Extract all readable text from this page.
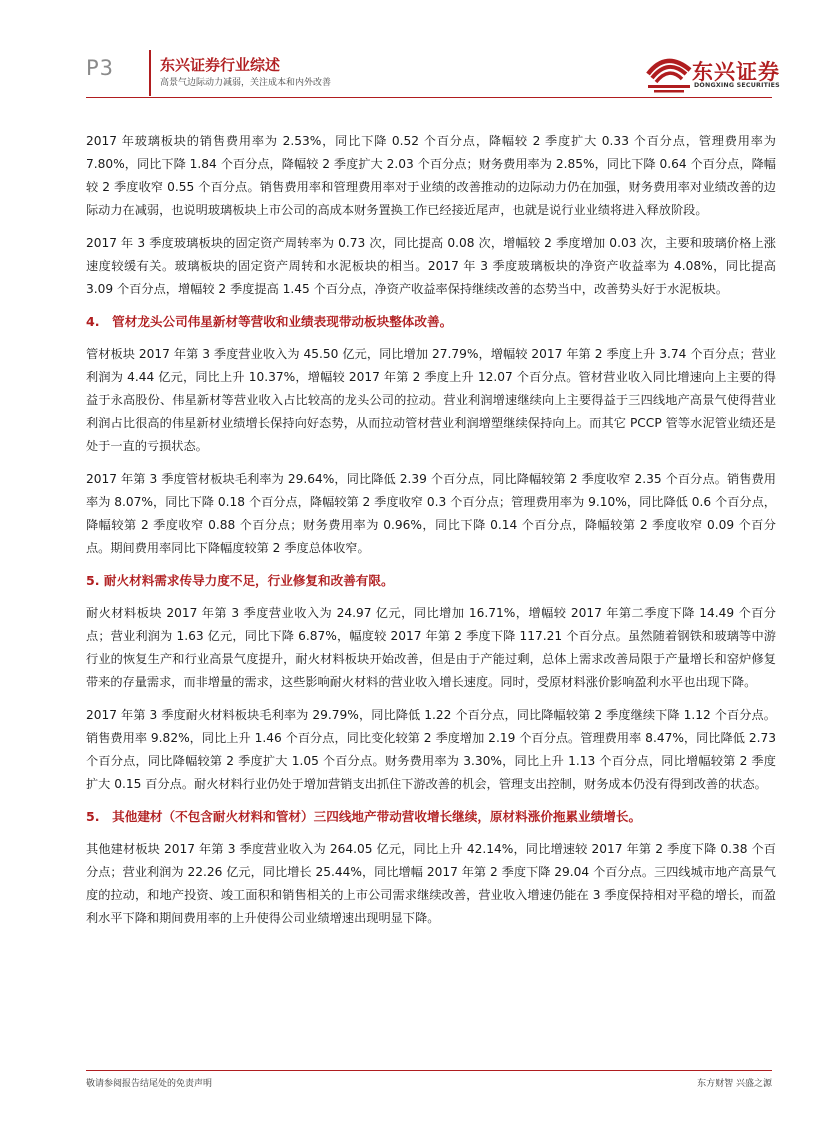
P3	东兴证券行业综述
高景气边际动力减弱，关注成本和内外改善	东兴证券
DONGXING SECURITIES

2017 年玻璃板块的销售费用率为 2.53%，同比下降 0.52 个百分点，降幅较 2 季度扩大 0.33 个百分点，管理费用率为 7.80%，同比下降 1.84 个百分点，降幅较 2 季度扩大 2.03 个百分点；财务费用率为 2.85%，同比下降 0.64 个百分点，降幅较 2 季度收窄 0.55 个百分点。销售费用率和管理费用率对于业绩的改善推动的边际动力仍在加强，财务费用率对业绩改善的边际动力在减弱，也说明玻璃板块上市公司的高成本财务置换工作已经接近尾声，也就是说行业业绩将进入释放阶段。

2017 年 3 季度玻璃板块的固定资产周转率为 0.73 次，同比提高 0.08 次，增幅较 2 季度增加 0.03 次，主要和玻璃价格上涨速度较缓有关。玻璃板块的固定资产周转和水泥板块的相当。2017 年 3 季度玻璃板块的净资产收益率为 4.08%，同比提高 3.09 个百分点，增幅较 2 季度提高 1.45 个百分点，净资产收益率保持继续改善的态势当中，改善势头好于水泥板块。

4.　管材龙头公司伟星新材等营收和业绩表现带动板块整体改善。

管材板块 2017 年第 3 季度营业收入为 45.50 亿元，同比增加 27.79%，增幅较 2017 年第 2 季度上升 3.74 个百分点；营业利润为 4.44 亿元，同比上升 10.37%，增幅较 2017 年第 2 季度上升 12.07 个百分点。管材营业收入同比增速向上主要的得益于永高股份、伟星新材等营业收入占比较高的龙头公司的拉动。营业利润增速继续向上主要得益于三四线地产高景气使得营业利润占比很高的伟星新材业绩增长保持向好态势，从而拉动管材营业利润增塑继续保持向上。而其它 PCCP 管等水泥管业绩还是处于一直的亏损状态。

2017 年第 3 季度管材板块毛利率为 29.64%，同比降低 2.39 个百分点，同比降幅较第 2 季度收窄 2.35 个百分点。销售费用率为 8.07%，同比下降 0.18 个百分点，降幅较第 2 季度收窄 0.3 个百分点；管理费用率为 9.10%，同比降低 0.6 个百分点，降幅较第 2 季度收窄 0.88 个百分点；财务费用率为 0.96%，同比下降 0.14 个百分点，降幅较第 2 季度收窄 0.09 个百分点。期间费用率同比下降幅度较第 2 季度总体收窄。

5. 耐火材料需求传导力度不足，行业修复和改善有限。

耐火材料板块 2017 年第 3 季度营业收入为 24.97 亿元，同比增加 16.71%，增幅较 2017 年第二季度下降 14.49 个百分点；营业利润为 1.63 亿元，同比下降 6.87%，幅度较 2017 年第 2 季度下降 117.21 个百分点。虽然随着钢铁和玻璃等中游行业的恢复生产和行业高景气度提升，耐火材料板块开始改善，但是由于产能过剩，总体上需求改善局限于产量增长和窑炉修复带来的存量需求，而非增量的需求，这些影响耐火材料的营业收入增长速度。同时，受原材料涨价影响盈利水平也出现下降。

2017 年第 3 季度耐火材料板块毛利率为 29.79%，同比降低 1.22 个百分点，同比降幅较第 2 季度继续下降 1.12 个百分点。销售费用率 9.82%，同比上升 1.46 个百分点，同比变化较第 2 季度增加 2.19 个百分点。管理费用率 8.47%，同比降低 2.73 个百分点，同比降幅较第 2 季度扩大 1.05 个百分点。财务费用率为 3.30%，同比上升 1.13 个百分点，同比增幅较第 2 季度扩大 0.15 百分点。耐火材料行业仍处于增加营销支出抓住下游改善的机会，管理支出控制，财务成本仍没有得到改善的状态。

5.　其他建材（不包含耐火材料和管材）三四线地产带动营收增长继续，原材料涨价拖累业绩增长。

其他建材板块 2017 年第 3 季度营业收入为 264.05 亿元，同比上升 42.14%，同比增速较 2017 年第 2 季度下降 0.38 个百分点；营业利润为 22.26 亿元，同比增长 25.44%，同比增幅 2017 年第 2 季度下降 29.04 个百分点。三四线城市地产高景气度的拉动，和地产投资、竣工面积和销售相关的上市公司需求继续改善，营业收入增速仍能在 3 季度保持相对平稳的增长，而盈利水平下降和期间费用率的上升使得公司业绩增速出现明显下降。

敬请参阅报告结尾处的免责声明	东方财智 兴盛之源
